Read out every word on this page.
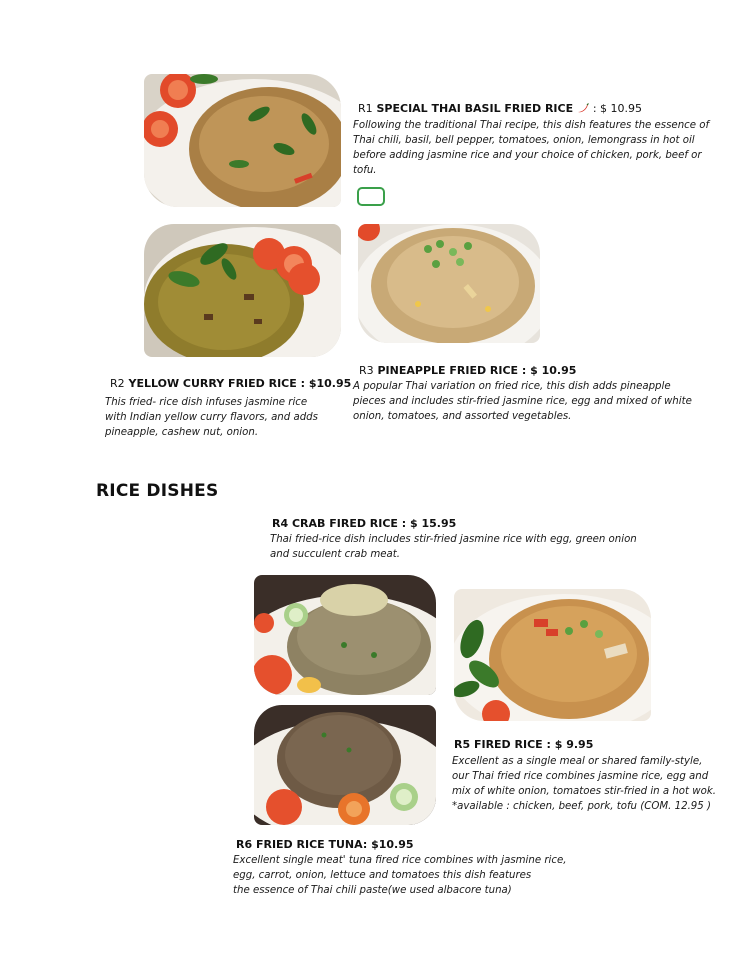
R1 SPECIAL THAI BASIL FRIED RICE : $ 10.95
Following the traditional Thai recipe, this dish features the essence of Thai chili, basil, bell pepper, tomatoes, onion, lemongrass in hot oil before adding jasmine rice and your choice of chicken, pork, beef or tofu.
R3 PINEAPPLE FRIED RICE : $ 10.95
A popular Thai variation on fried rice, this dish adds pineapple pieces and includes stir-fried jasmine rice, egg and mixed of white onion, tomatoes, and assorted vegetables.
R2 YELLOW CURRY FRIED RICE : $10.95
This fried- rice dish infuses jasmine rice with Indian yellow curry flavors, and adds pineapple, cashew nut, onion.
RICE DISHES
R4 CRAB FIRED RICE : $ 15.95
Thai fried-rice dish includes stir-fried jasmine rice with egg, green onion and succulent crab meat.
R5 FIRED RICE : $ 9.95
Excellent as a single meal or shared family-style,
our Thai fried rice combines jasmine rice, egg and
mix of white onion, tomatoes stir-fried in a hot wok.
*available : chicken, beef, pork, tofu (COM. 12.95 )
R6 FRIED RICE TUNA: $10.95
Excellent single meat' tuna fired rice combines with jasmine rice,
egg, carrot, onion, lettuce and tomatoes this dish features
the essence of Thai chili paste(we used albacore tuna)
